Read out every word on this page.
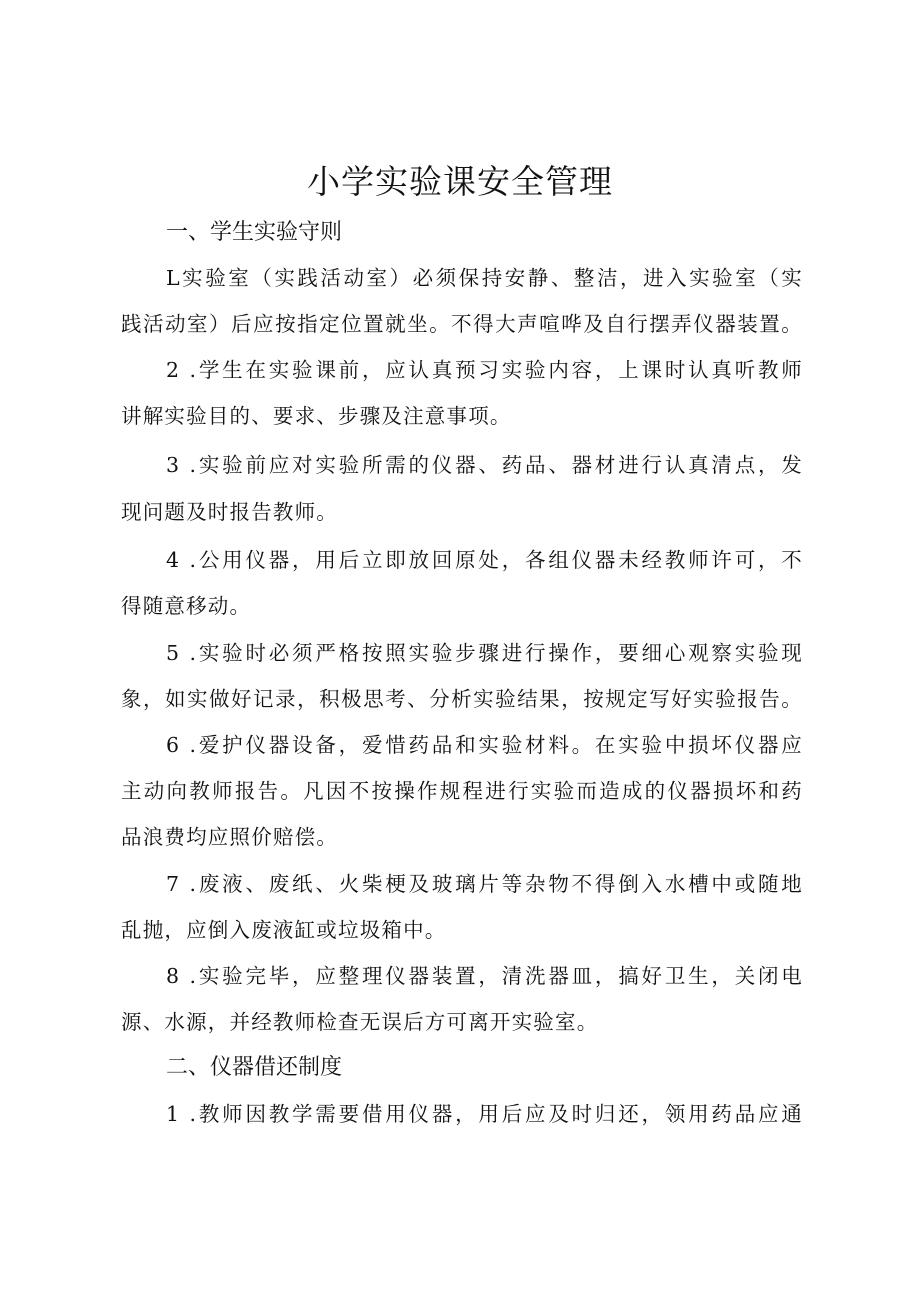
小学实验课安全管理
一、学生实验守则
L实验室（实践活动室）必须保持安静、整洁，进入实验室（实
践活动室）后应按指定位置就坐。不得大声喧哗及自行摆弄仪器装置。
2 .学生在实验课前，应认真预习实验内容，上课时认真听教师
讲解实验目的、要求、步骤及注意事项。
3 .实验前应对实验所需的仪器、药品、器材进行认真清点，发
现问题及时报告教师。
4 .公用仪器，用后立即放回原处，各组仪器未经教师许可，不
得随意移动。
5 .实验时必须严格按照实验步骤进行操作，要细心观察实验现
象，如实做好记录，积极思考、分析实验结果，按规定写好实验报告。
6 .爱护仪器设备，爱惜药品和实验材料。在实验中损坏仪器应
主动向教师报告。凡因不按操作规程进行实验而造成的仪器损坏和药
品浪费均应照价赔偿。
7 .废液、废纸、火柴梗及玻璃片等杂物不得倒入水槽中或随地
乱抛，应倒入废液缸或垃圾箱中。
8 .实验完毕，应整理仪器装置，清洗器皿，搞好卫生，关闭电
源、水源，并经教师检查无误后方可离开实验室。
二、仪器借还制度
1 .教师因教学需要借用仪器，用后应及时归还，领用药品应通
